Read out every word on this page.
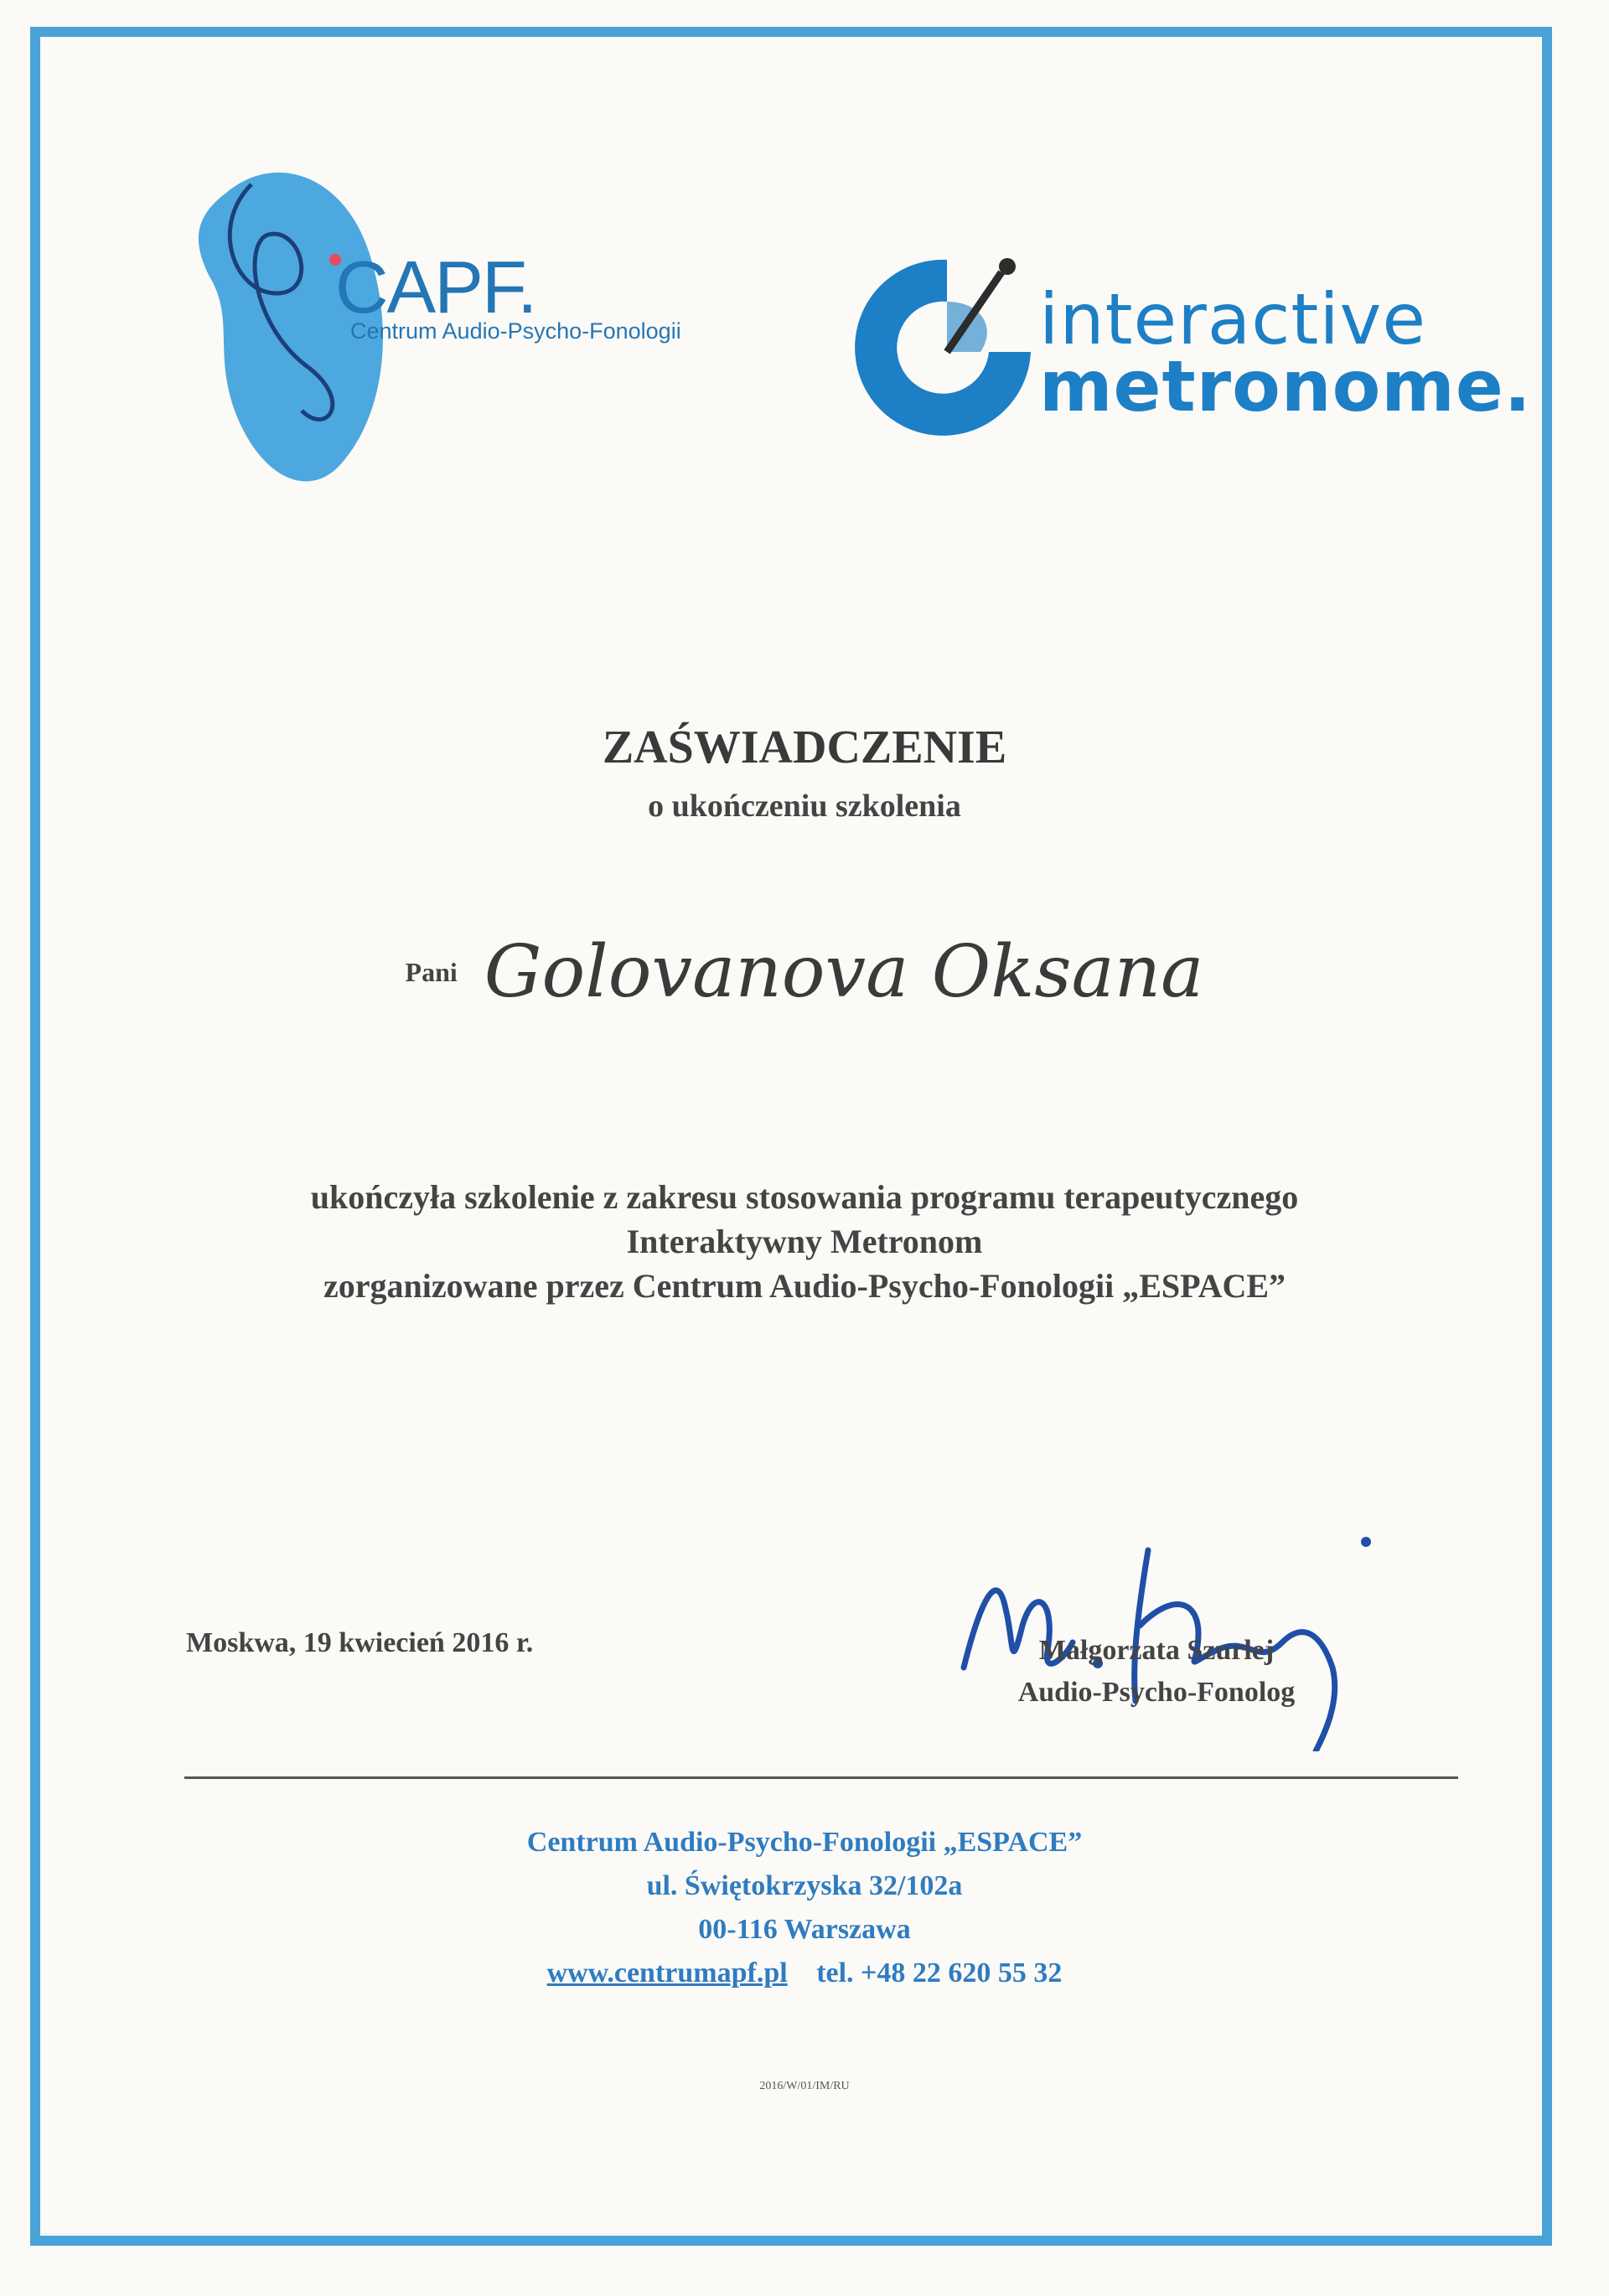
CAPF.
Centrum Audio-Psycho-Fonologii	interactive
metronome.
ZAŚWIADCZENIE
o ukończeniu szkolenia
Pani Golovanova Oksana
ukończyła szkolenie z zakresu stosowania programu terapeutycznego
Interaktywny Metronom
zorganizowane przez Centrum Audio-Psycho-Fonologii „ESPACE”
Moskwa, 19 kwiecień 2016 r.	Małgorzata Szurlej
Audio-Psycho-Fonolog
Centrum Audio-Psycho-Fonologii „ESPACE”
ul. Świętokrzyska 32/102a
00-116 Warszawa
www.centrumapf.pl tel. +48 22 620 55 32
2016/W/01/IM/RU
